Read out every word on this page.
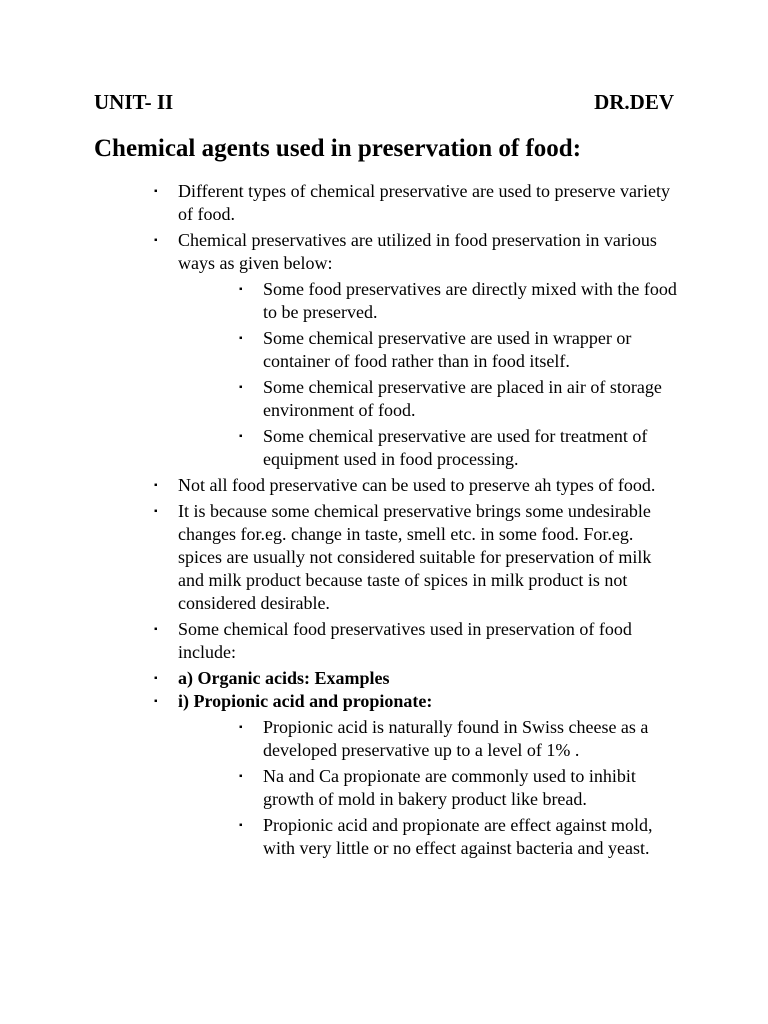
UNIT- II	DR.DEV
Chemical agents used in preservation of food:
▪ Different types of chemical preservative are used to preserve variety of food.
▪ Chemical preservatives are utilized in food preservation in various ways as given below:
▪ Some food preservatives are directly mixed with the food to be preserved.
▪ Some chemical preservative are used in wrapper or container of food rather than in food itself.
▪ Some chemical preservative are placed in air of storage environment of food.
▪ Some chemical preservative are used for treatment of equipment used in food processing.
▪ Not all food preservative can be used to preserve ah types of food.
▪ It is because some chemical preservative brings some undesirable changes for.eg. change in taste, smell etc. in some food. For.eg. spices are usually not considered suitable for preservation of milk and milk product because taste of spices in milk product is not considered desirable.
▪ Some chemical food preservatives used in preservation of food include:
▪ a) Organic acids: Examples
▪ i) Propionic acid and propionate:
▪ Propionic acid is naturally found in Swiss cheese as a developed preservative up to a level of 1% .
▪ Na and Ca propionate are commonly used to inhibit growth of mold in bakery product like bread.
▪ Propionic acid and propionate are effect against mold, with very little or no effect against bacteria and yeast.
